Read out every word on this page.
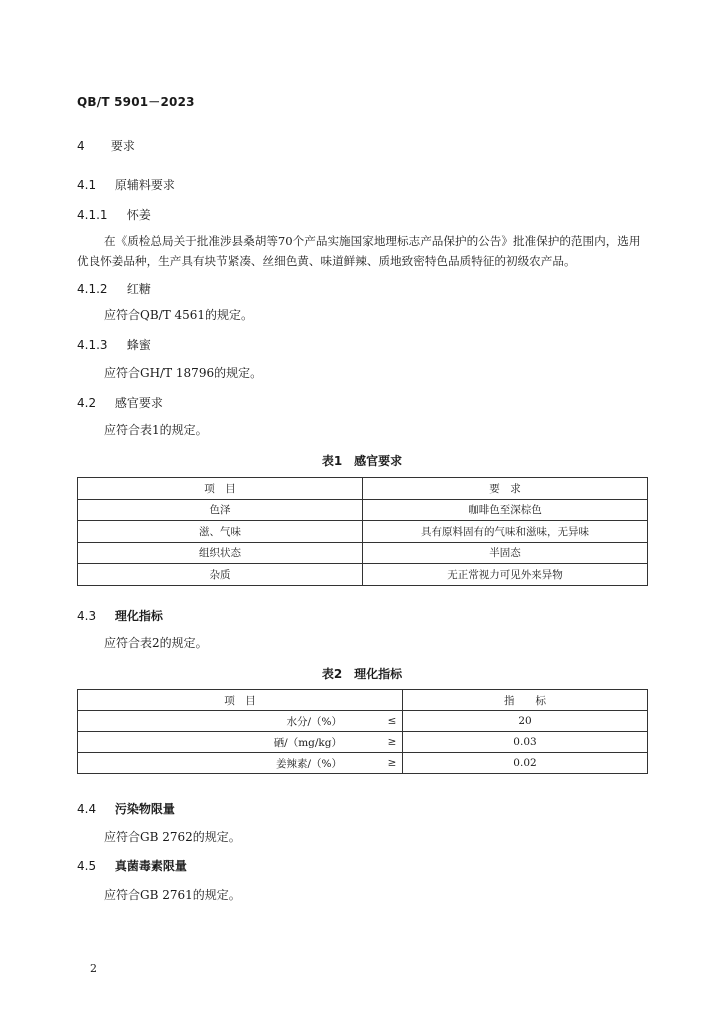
QB/T 5901－2023
4 要求
4.1 原辅料要求
4.1.1 怀姜
在《质检总局关于批准涉县桑胡等70个产品实施国家地理标志产品保护的公告》批准保护的范围内，选用优良怀姜品种，生产具有块节紧凑、丝细色黄、味道鲜辣、质地致密特色品质特征的初级农产品。
4.1.2 红糖
应符合QB/T 4561的规定。
4.1.3 蜂蜜
应符合GH/T 18796的规定。
4.2 感官要求
应符合表1的规定。
表1　感官要求
项　目	要　求
色泽	咖啡色至深棕色
滋、气味	具有原料固有的气味和滋味，无异味
组织状态	半固态
杂质	无正常视力可见外来异物
4.3 理化指标
应符合表2的规定。
表2　理化指标
项　目		指　　标
水分/（%）	≤	20
硒/（mg/kg）	≥	0.03
姜辣素/（%）	≥	0.02
4.4 污染物限量
应符合GB 2762的规定。
4.5 真菌毒素限量
应符合GB 2761的规定。
2
